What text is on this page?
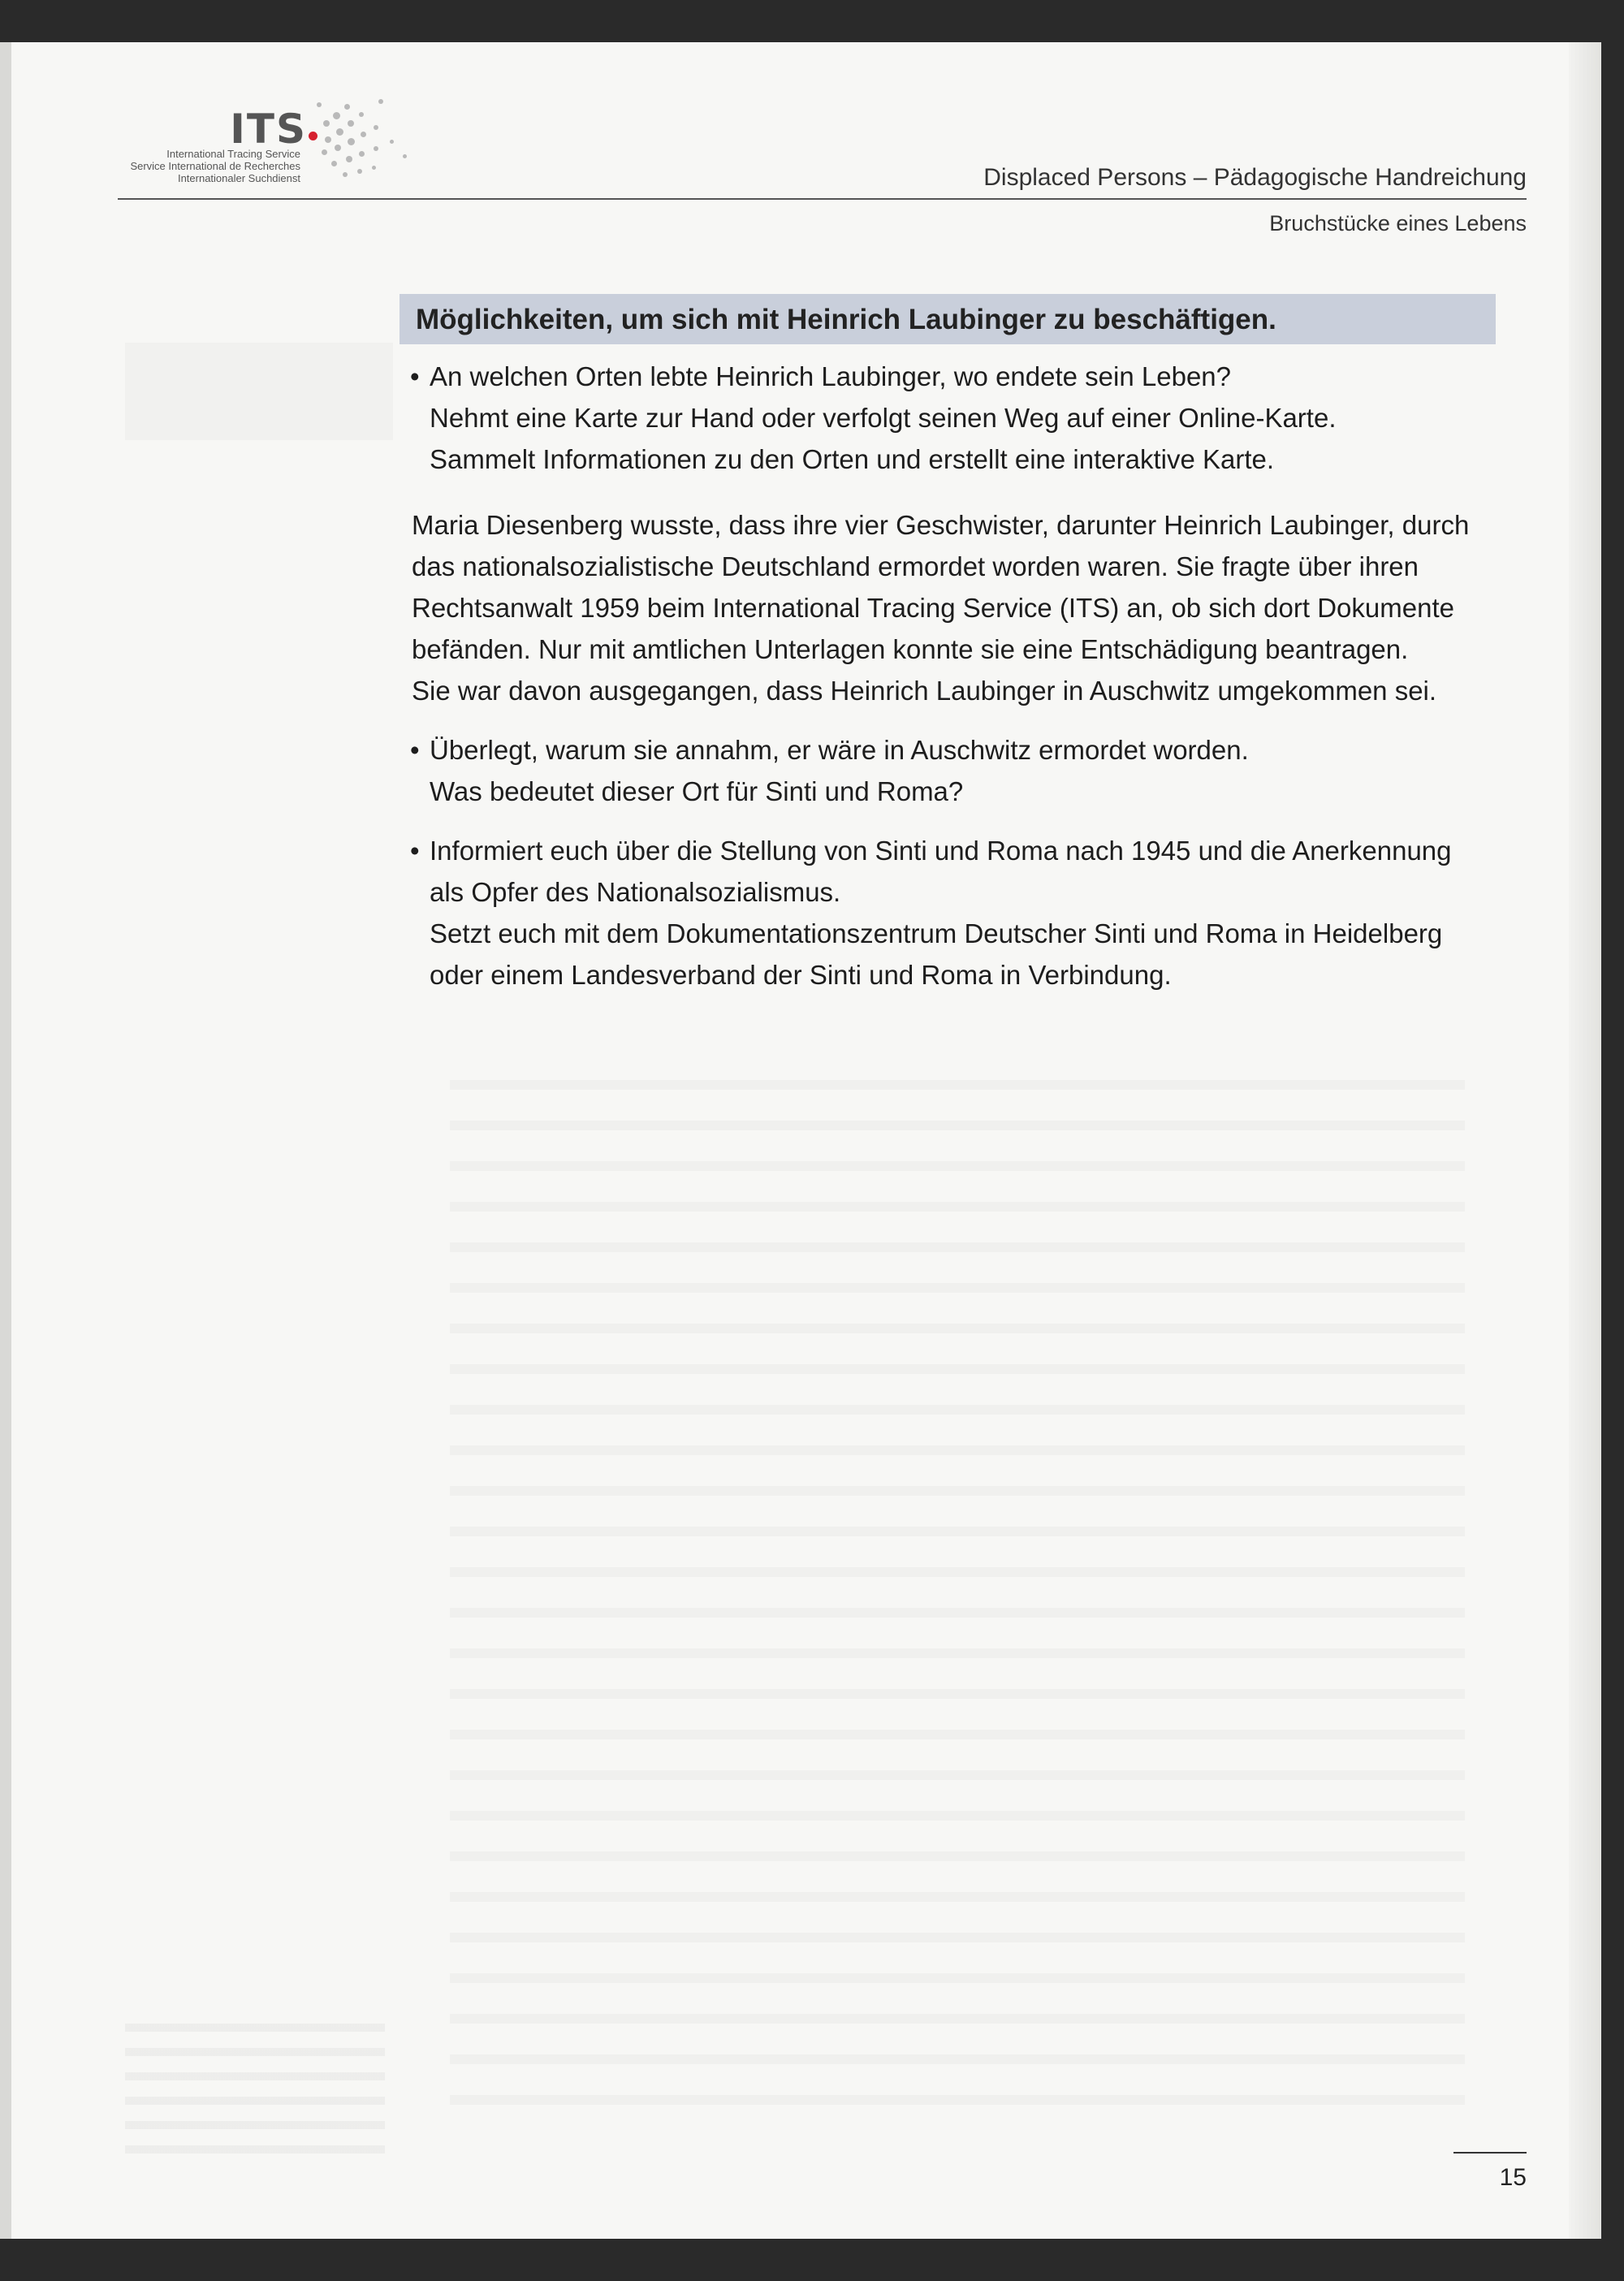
ITS
International Tracing Service
Service International de Recherches
Internationaler Suchdienst	Displaced Persons – Pädagogische Handreichung
Bruchstücke eines Lebens
Möglichkeiten, um sich mit Heinrich Laubinger zu beschäftigen.
• An welchen Orten lebte Heinrich Laubinger, wo endete sein Leben?
Nehmt eine Karte zur Hand oder verfolgt seinen Weg auf einer Online-Karte.
Sammelt Informationen zu den Orten und erstellt eine interaktive Karte.

Maria Diesenberg wusste, dass ihre vier Geschwister, darunter Heinrich Laubinger, durch

das nationalsozialistische Deutschland ermordet worden waren. Sie fragte über ihren

Rechtsanwalt 1959 beim International Tracing Service (ITS) an, ob sich dort Dokumente

befänden. Nur mit amtlichen Unterlagen konnte sie eine Entschädigung beantragen.

Sie war davon ausgegangen, dass Heinrich Laubinger in Auschwitz umgekommen sei.

• Überlegt, warum sie annahm, er wäre in Auschwitz ermordet worden.
Was bedeutet dieser Ort für Sinti und Roma?
• Informiert euch über die Stellung von Sinti und Roma nach 1945 und die Anerkennung
als Opfer des Nationalsozialismus.
Setzt euch mit dem Dokumentationszentrum Deutscher Sinti und Roma in Heidelberg
oder einem Landesverband der Sinti und Roma in Verbindung.
15
